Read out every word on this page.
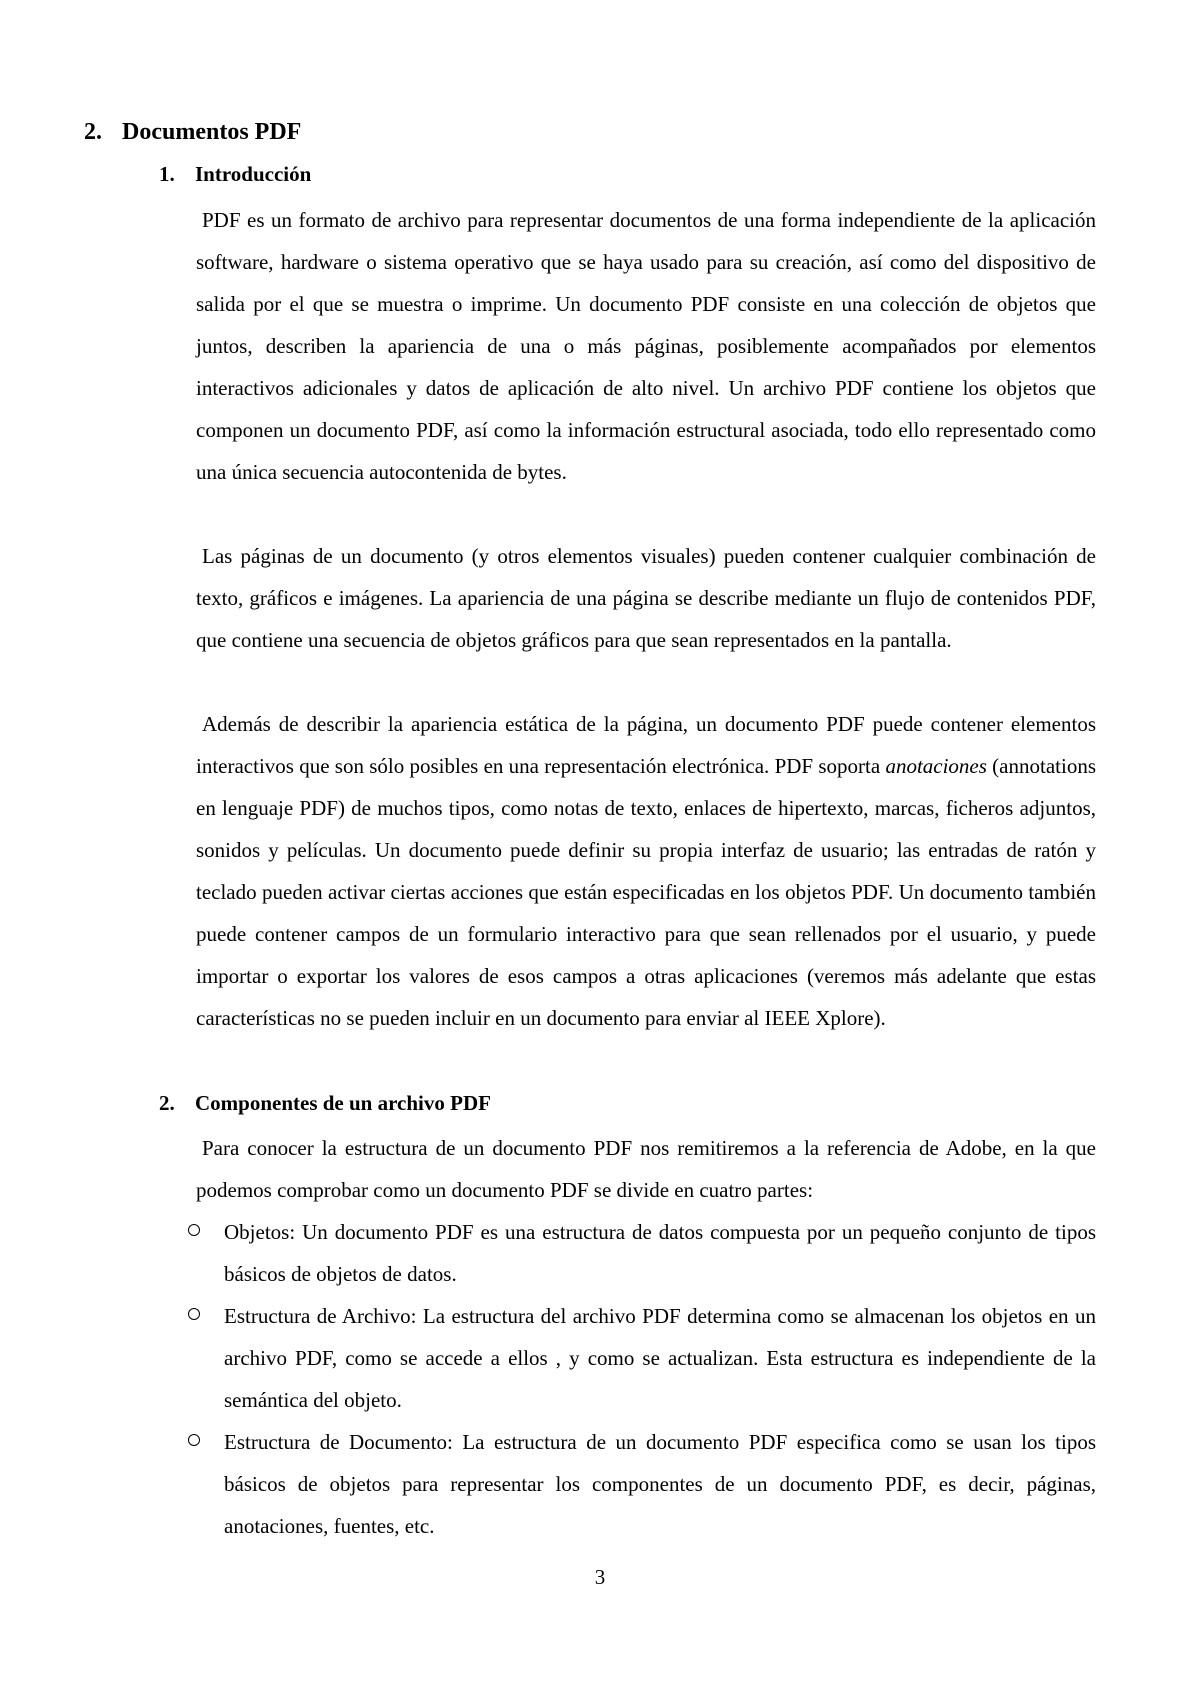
2. Documentos PDF
1. Introducción

PDF es un formato de archivo para representar documentos de una forma independiente de la aplicación software, hardware o sistema operativo que se haya usado para su creación, así como del dispositivo de salida por el que se muestra o imprime. Un documento PDF consiste en una colección de objetos que juntos, describen la apariencia de una o más páginas, posiblemente acompañados por elementos interactivos adicionales y datos de aplicación de alto nivel. Un archivo PDF contiene los objetos que componen un documento PDF, así como la información estructural asociada, todo ello representado como una única secuencia autocontenida de bytes.

Las páginas de un documento (y otros elementos visuales) pueden contener cualquier combinación de texto, gráficos e imágenes. La apariencia de una página se describe mediante un flujo de contenidos PDF, que contiene una secuencia de objetos gráficos para que sean representados en la pantalla.

Además de describir la apariencia estática de la página, un documento PDF puede contener elementos interactivos que son sólo posibles en una representación electrónica. PDF soporta anotaciones (annotations en lenguaje PDF) de muchos tipos, como notas de texto, enlaces de hipertexto, marcas, ficheros adjuntos, sonidos y películas. Un documento puede definir su propia interfaz de usuario; las entradas de ratón y teclado pueden activar ciertas acciones que están especificadas en los objetos PDF. Un documento también puede contener campos de un formulario interactivo para que sean rellenados por el usuario, y puede importar o exportar los valores de esos campos a otras aplicaciones (veremos más adelante que estas características no se pueden incluir en un documento para enviar al IEEE Xplore).

2. Componentes de un archivo PDF

Para conocer la estructura de un documento PDF nos remitiremos a la referencia de Adobe, en la que podemos comprobar como un documento PDF se divide en cuatro partes:

Objetos: Un documento PDF es una estructura de datos compuesta por un pequeño conjunto de tipos básicos de objetos de datos.
Estructura de Archivo: La estructura del archivo PDF determina como se almacenan los objetos en un archivo PDF, como se accede a ellos , y como se actualizan. Esta estructura es independiente de la semántica del objeto.
Estructura de Documento: La estructura de un documento PDF especifica como se usan los tipos básicos de objetos para representar los componentes de un documento PDF, es decir, páginas, anotaciones, fuentes, etc.
3
